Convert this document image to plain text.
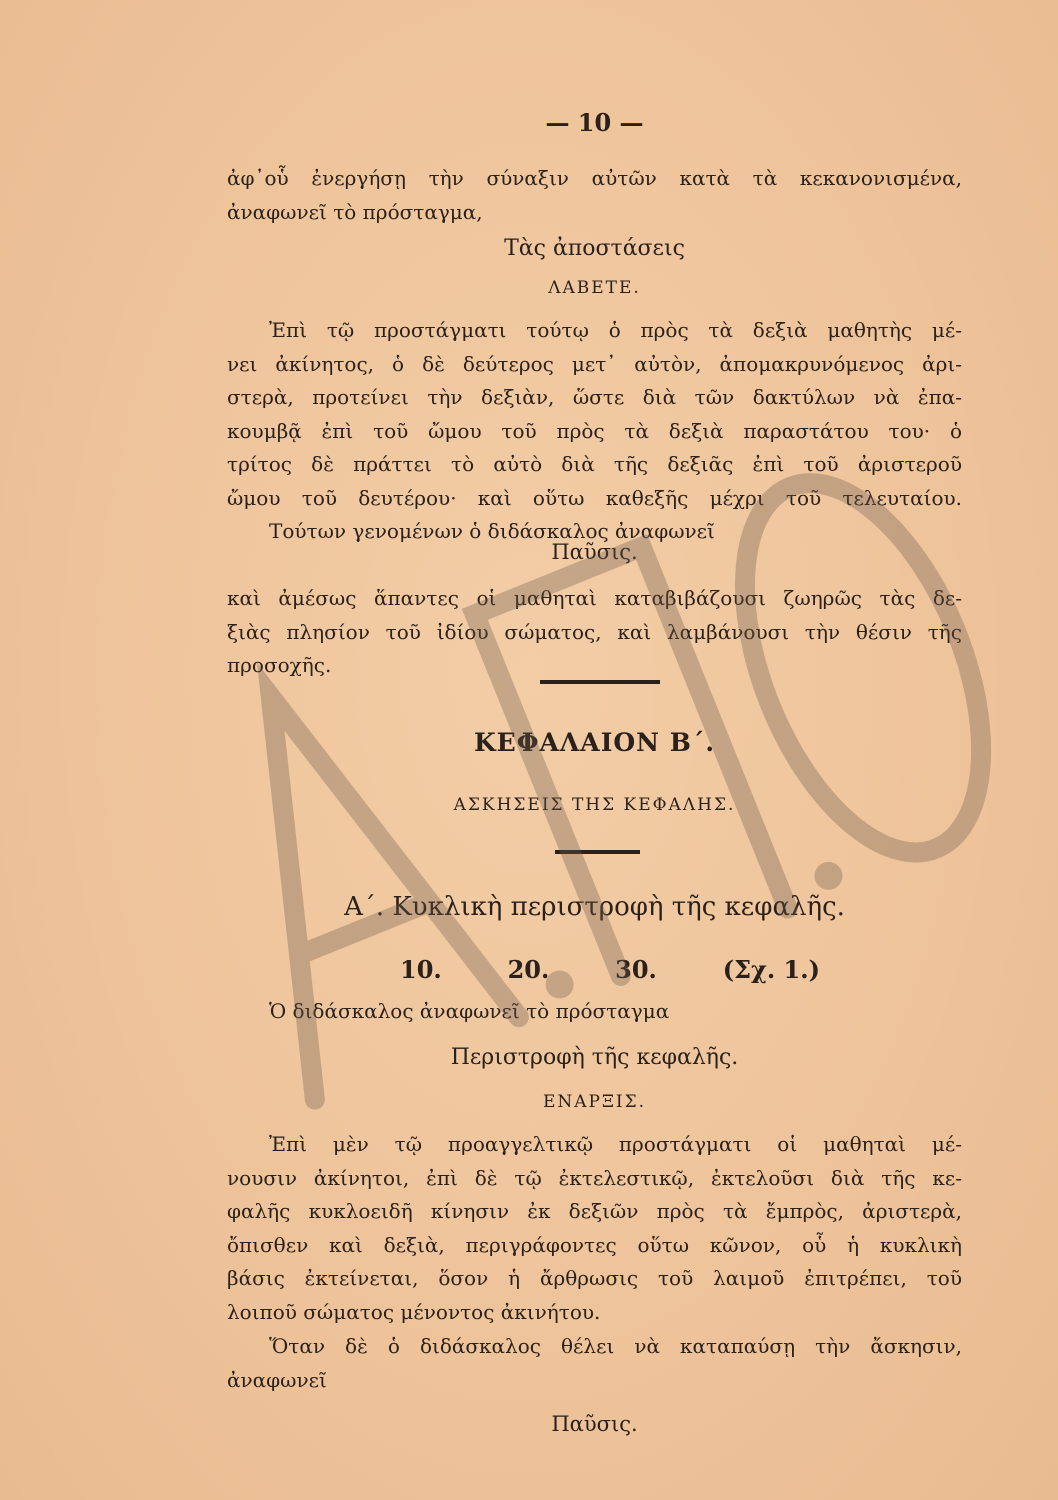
— 10 —
ἀφ᾽οὗ ἐνεργήσῃ τὴν σύναξιν αὐτῶν κατὰ τὰ κεκανονισμένα,
ἀναφωνεῖ τὸ πρόσταγμα,
Τὰς ἀποστάσεις
ΛΑΒΕΤΕ.
Ἐπὶ τῷ προστάγματι τούτῳ ὁ πρὸς τὰ δεξιὰ μαθητὴς μέ-
νει ἀκίνητος, ὁ δὲ δεύτερος μετ᾽ αὐτὸν, ἀπομακρυνόμενος ἀρι-
στερὰ, προτείνει τὴν δεξιὰν, ὥστε διὰ τῶν δακτύλων νὰ ἐπα-
κουμβᾷ ἐπὶ τοῦ ὤμου τοῦ πρὸς τὰ δεξιὰ παραστάτου του· ὁ
τρίτος δὲ πράττει τὸ αὐτὸ διὰ τῆς δεξιᾶς ἐπὶ τοῦ ἀριστεροῦ
ὤμου τοῦ δευτέρου· καὶ οὕτω καθεξῆς μέχρι τοῦ τελευταίου.
Τούτων γενομένων ὁ διδάσκαλος ἀναφωνεῖ
Παῦσις.
καὶ ἀμέσως ἅπαντες οἱ μαθηταὶ καταβιβάζουσι ζωηρῶς τὰς δε-
ξιὰς πλησίον τοῦ ἰδίου σώματος, καὶ λαμβάνουσι τὴν θέσιν τῆς
προσοχῆς.
ΚΕΦΑΛΑΙΟΝ Β΄.
ΑΣΚΗΣΕΙΣ ΤΗΣ ΚΕΦΑΛΗΣ.
Α΄. Κυκλικὴ περιστροφὴ τῆς κεφαλῆς.
10.	20.	30.	(Σχ. 1.)
Ὁ διδάσκαλος ἀναφωνεῖ τὸ πρόσταγμα
Περιστροφὴ τῆς κεφαλῆς.
ΕΝΑΡΞΙΣ.
Ἐπὶ μὲν τῷ προαγγελτικῷ προστάγματι οἱ μαθηταὶ μέ-
νουσιν ἀκίνητοι, ἐπὶ δὲ τῷ ἐκτελεστικῷ, ἐκτελοῦσι διὰ τῆς κε-
φαλῆς κυκλοειδῆ κίνησιν ἐκ δεξιῶν πρὸς τὰ ἔμπρὸς, ἀριστερὰ,
ὄπισθεν καὶ δεξιὰ, περιγράφοντες οὕτω κῶνον, οὗ ἡ κυκλικὴ
βάσις ἐκτείνεται, ὅσον ἡ ἄρθρωσις τοῦ λαιμοῦ ἐπιτρέπει, τοῦ
λοιποῦ σώματος μένοντος ἀκινήτου.
Ὅταν δὲ ὁ διδάσκαλος θέλει νὰ καταπαύσῃ τὴν ἄσκησιν,
ἀναφωνεῖ
Παῦσις.
